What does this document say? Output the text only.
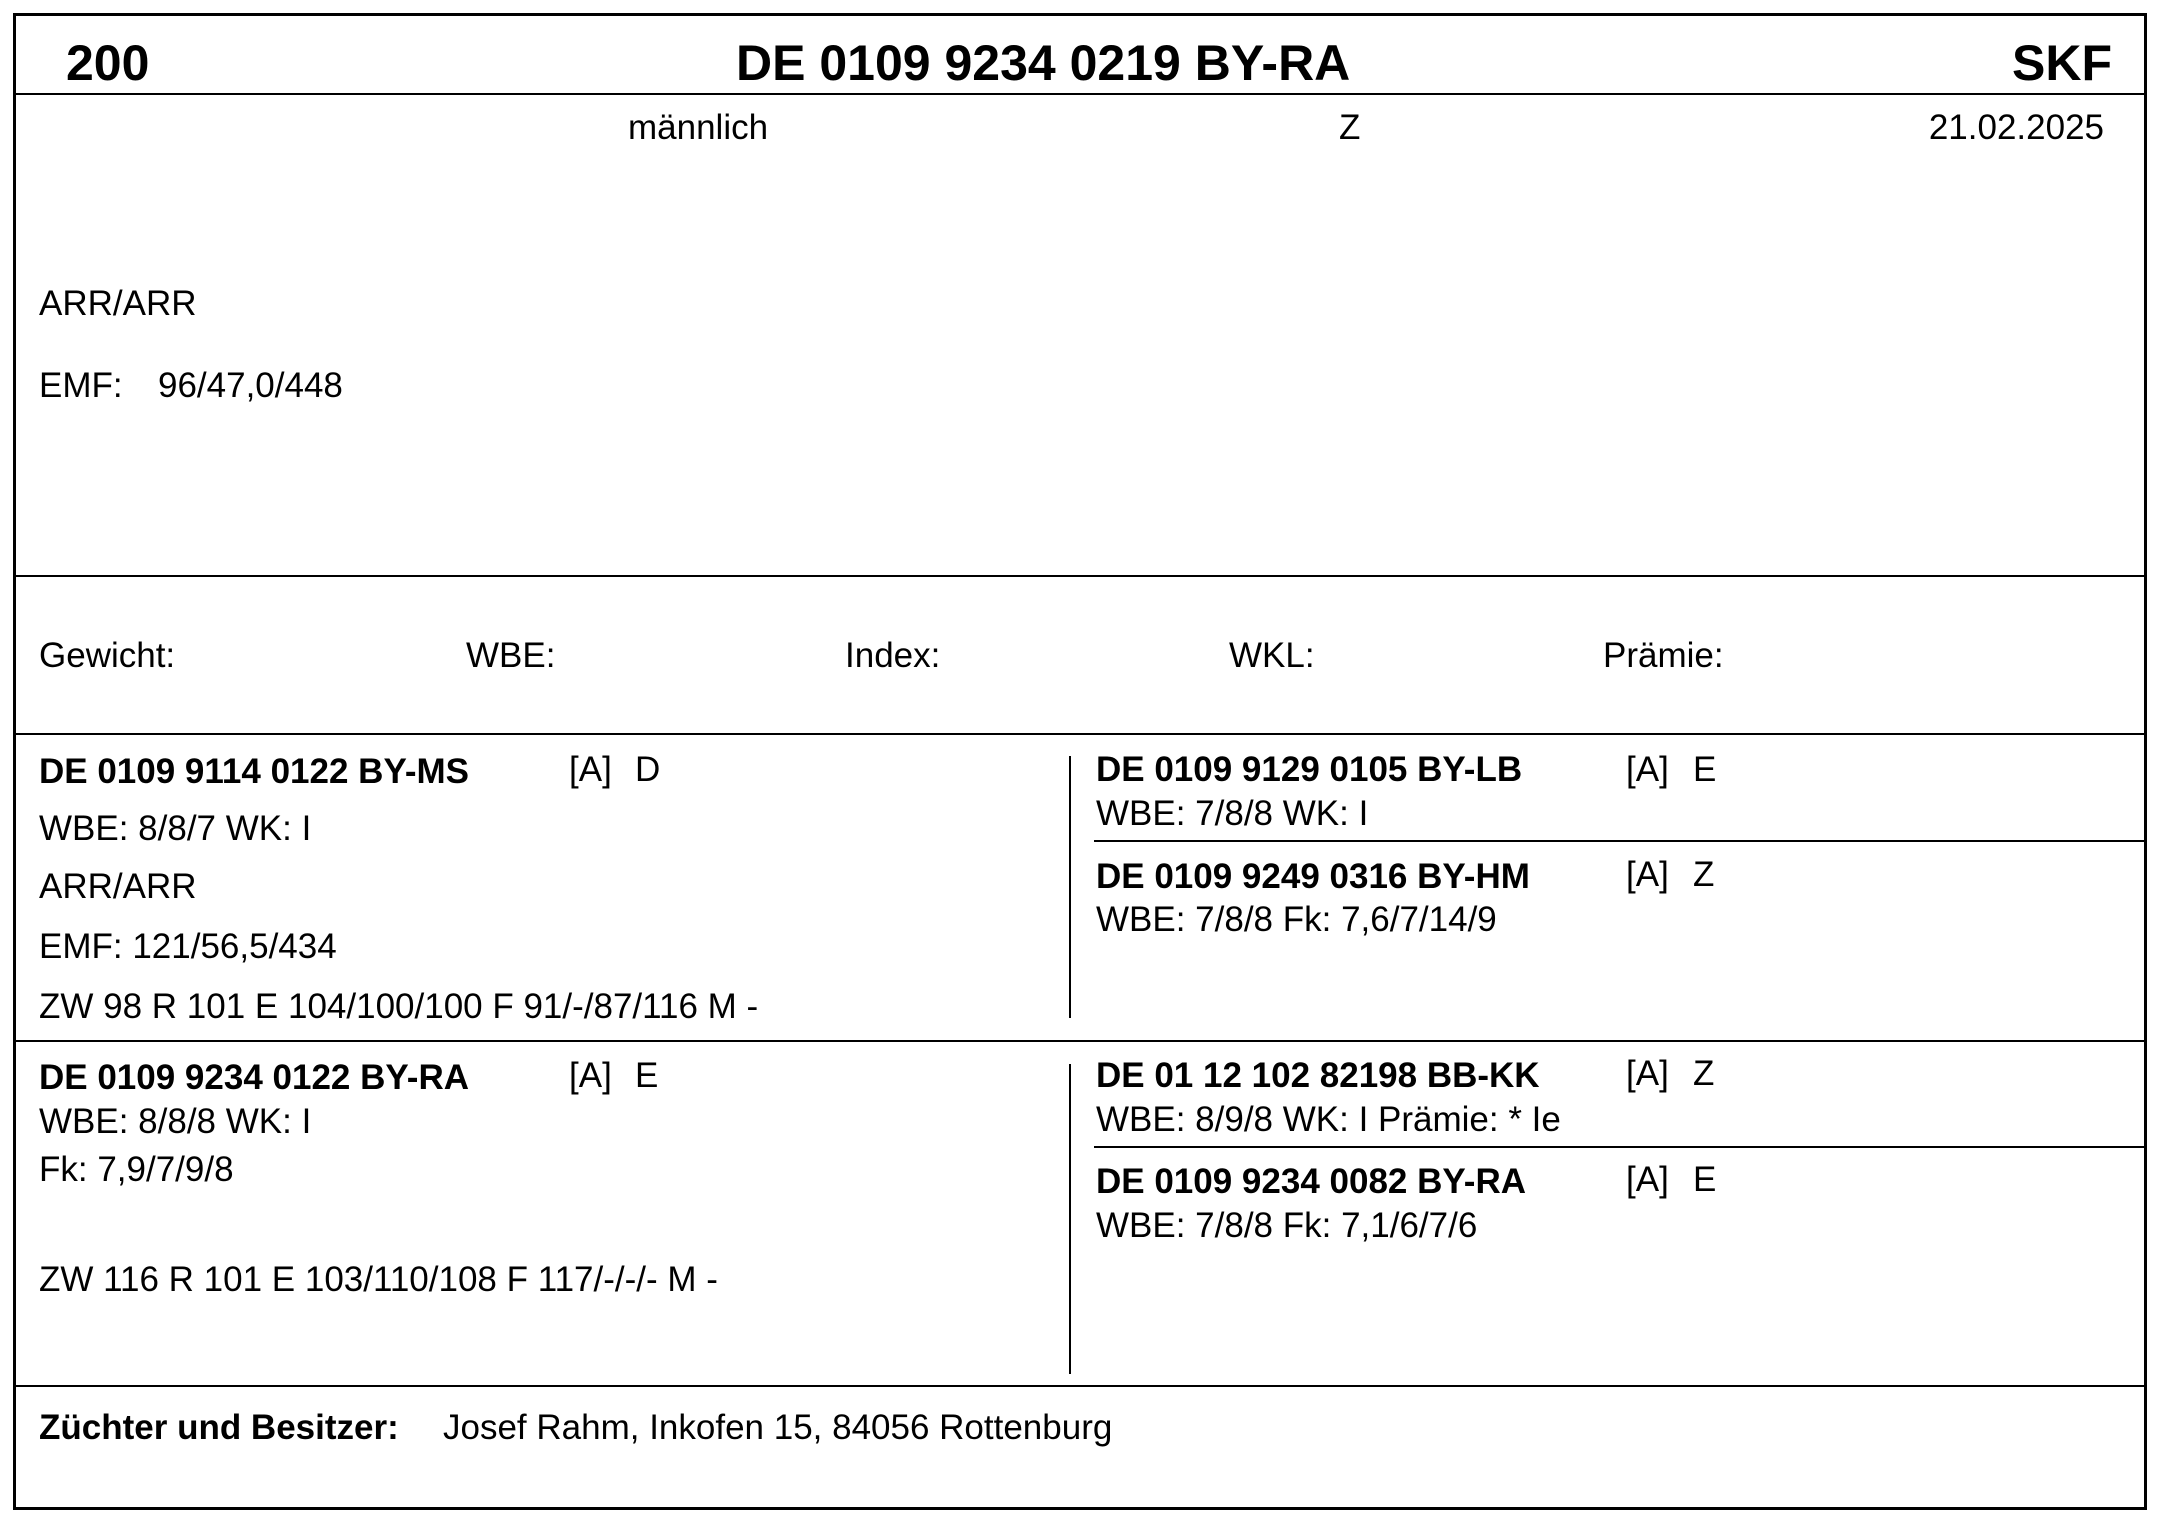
200	DE 0109 9234 0219 BY-RA	SKF
männlich	Z	21.02.2025
ARR/ARR
EMF: 96/47,0/448
Gewicht:	WBE:	Index:	WKL:	Prämie:
DE 0109 9114 0122 BY-MS	[A] D
WBE: 8/8/7 WK: I
ARR/ARR
EMF: 121/56,5/434
ZW 98 R 101 E 104/100/100 F 91/-/87/116 M -
DE 0109 9129 0105 BY-LB	[A] E
WBE: 7/8/8 WK: I
DE 0109 9249 0316 BY-HM	[A] Z
WBE: 7/8/8 Fk: 7,6/7/14/9
DE 0109 9234 0122 BY-RA	[A] E
WBE: 8/8/8 WK: I
Fk: 7,9/7/9/8
ZW 116 R 101 E 103/110/108 F 117/-/-/- M -
DE 01 12 102 82198 BB-KK [A] Z
WBE: 8/9/8 WK: I Prämie: * Ie
DE 0109 9234 0082 BY-RA	[A] E
WBE: 7/8/8 Fk: 7,1/6/7/6
Züchter und Besitzer: Josef Rahm, Inkofen 15, 84056 Rottenburg
